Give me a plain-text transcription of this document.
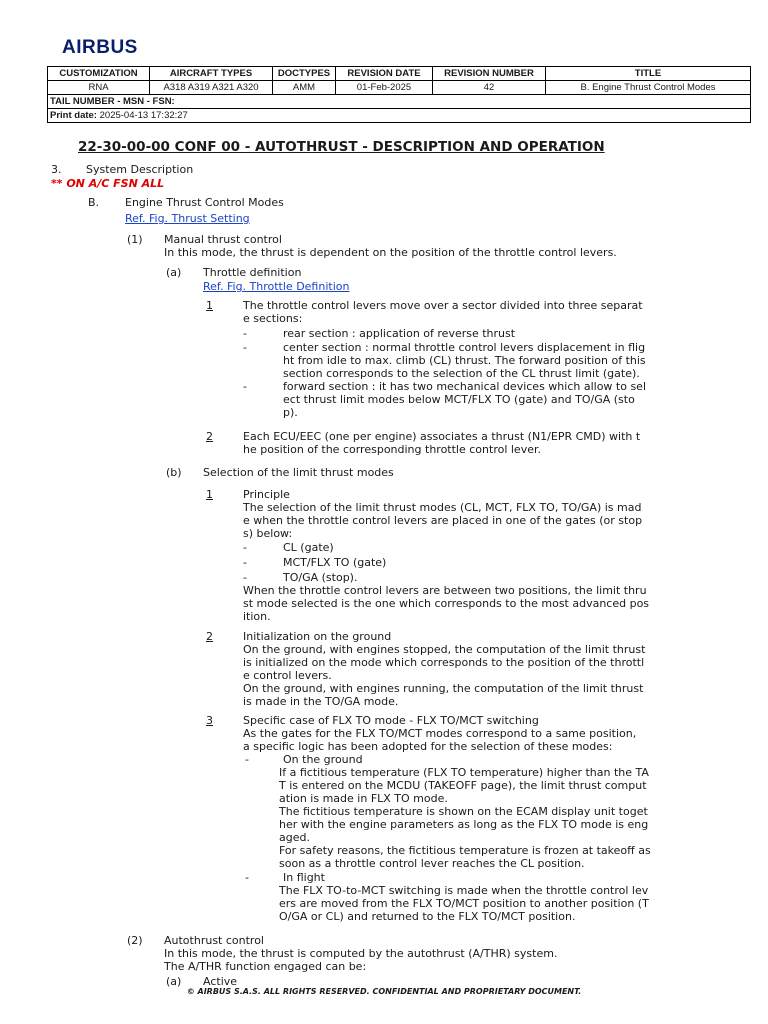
AIRBUS
CUSTOMIZATION	AIRCRAFT TYPES	DOCTYPES	REVISION DATE	REVISION NUMBER	TITLE
RNA	A318 A319 A321 A320	AMM	01-Feb-2025	42	B. Engine Thrust Control Modes
TAIL NUMBER - MSN - FSN:					
Print date: 2025-04-13 17:32:27					
22-30-00-00 CONF 00 - AUTOTHRUST - DESCRIPTION AND OPERATION
3. System Description
** ON A/C FSN ALL
B. Engine Thrust Control Modes
Ref. Fig. Thrust Setting
(1) Manual thrust control
In this mode, the thrust is dependent on the position of the throttle control levers.
(a) Throttle definition
Ref. Fig. Throttle Definition
1	The throttle control levers move over a sector divided into three separat
e sections:
-	rear section : application of reverse thrust
-	center section : normal throttle control levers displacement in flig
ht from idle to max. climb (CL) thrust. The forward position of this
section corresponds to the selection of the CL thrust limit (gate).
-	forward section : it has two mechanical devices which allow to sel
ect thrust limit modes below MCT/FLX TO (gate) and TO/GA (sto
p).
2	Each ECU/EEC (one per engine) associates a thrust (N1/EPR CMD) with t
he position of the corresponding throttle control lever.
(b) Selection of the limit thrust modes
1	Principle
The selection of the limit thrust modes (CL, MCT, FLX TO, TO/GA) is mad
e when the throttle control levers are placed in one of the gates (or stop
s) below:
-	CL (gate)
-	MCT/FLX TO (gate)
-	TO/GA (stop).
When the throttle control levers are between two positions, the limit thru
st mode selected is the one which corresponds to the most advanced pos
ition.
2	Initialization on the ground
On the ground, with engines stopped, the computation of the limit thrust
is initialized on the mode which corresponds to the position of the throttl
e control levers.
On the ground, with engines running, the computation of the limit thrust
is made in the TO/GA mode.
3	Specific case of FLX TO mode - FLX TO/MCT switching
As the gates for the FLX TO/MCT modes correspond to a same position,
a specific logic has been adopted for the selection of these modes:
-	On the ground
If a fictitious temperature (FLX TO temperature) higher than the TA
T is entered on the MCDU (TAKEOFF page), the limit thrust comput
ation is made in FLX TO mode.
The fictitious temperature is shown on the ECAM display unit toget
her with the engine parameters as long as the FLX TO mode is eng
aged.
For safety reasons, the fictitious temperature is frozen at takeoff as
soon as a throttle control lever reaches the CL position.
-	In flight
The FLX TO-to-MCT switching is made when the throttle control lev
ers are moved from the FLX TO/MCT position to another position (T
O/GA or CL) and returned to the FLX TO/MCT position.
(2) Autothrust control
In this mode, the thrust is computed by the autothrust (A/THR) system.
The A/THR function engaged can be:
(a) Active
© AIRBUS S.A.S. ALL RIGHTS RESERVED. CONFIDENTIAL AND PROPRIETARY DOCUMENT.
